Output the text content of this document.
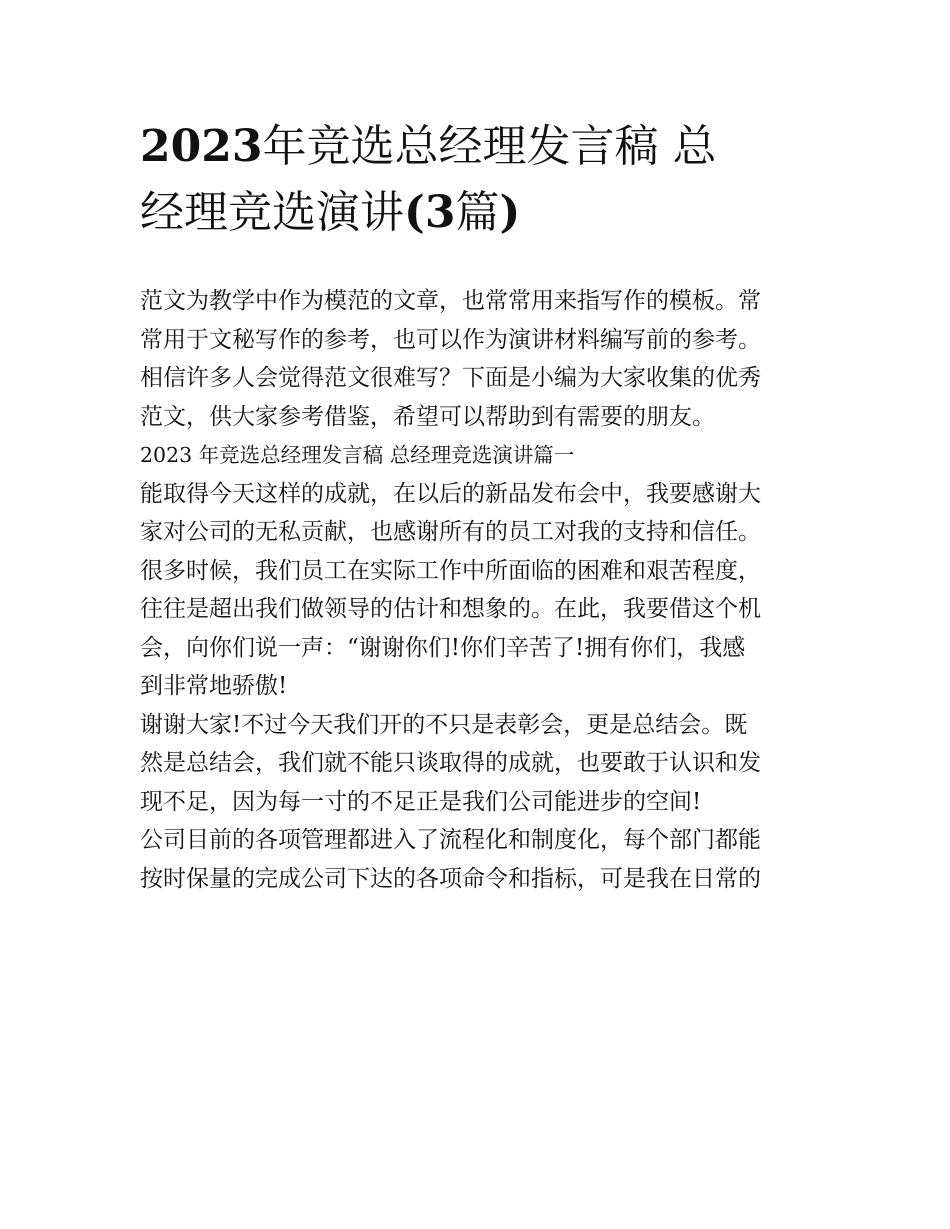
2023年竞选总经理发言稿 总
经理竞选演讲(3篇)

范文为教学中作为模范的文章，也常常用来指写作的模板。常
常用于文秘写作的参考，也可以作为演讲材料编写前的参考。
相信许多人会觉得范文很难写？下面是小编为大家收集的优秀
范文，供大家参考借鉴，希望可以帮助到有需要的朋友。

2023 年竞选总经理发言稿 总经理竞选演讲篇一

能取得今天这样的成就，在以后的新品发布会中，我要感谢大
家对公司的无私贡献，也感谢所有的员工对我的支持和信任。
很多时候，我们员工在实际工作中所面临的困难和艰苦程度，
往往是超出我们做领导的估计和想象的。在此，我要借这个机
会，向你们说一声：“谢谢你们!你们辛苦了!拥有你们，我感
到非常地骄傲!

谢谢大家!不过今天我们开的不只是表彰会，更是总结会。既
然是总结会，我们就不能只谈取得的成就，也要敢于认识和发
现不足，因为每一寸的不足正是我们公司能进步的空间!

公司目前的各项管理都进入了流程化和制度化，每个部门都能
按时保量的完成公司下达的各项命令和指标，可是我在日常的
